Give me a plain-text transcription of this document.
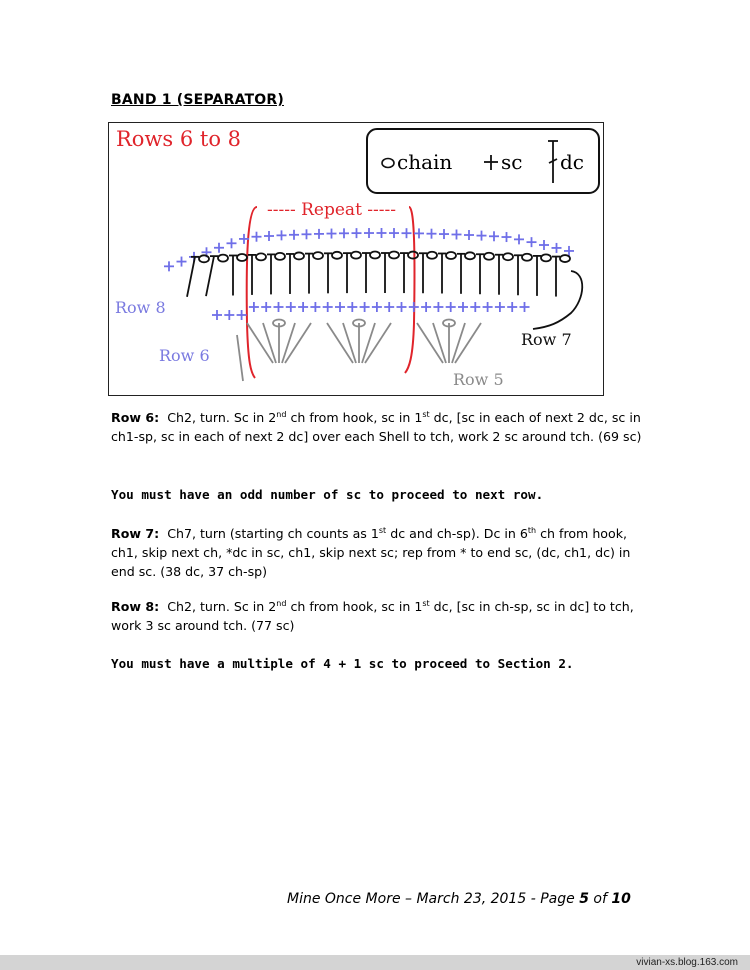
BAND 1 (SEPARATOR)
Rows 6 to 8
chain sc dc
----- Repeat -----
Row 8
Row 6
Row 7
Row 5
Row 6: Ch2, turn. Sc in 2nd ch from hook, sc in 1st dc, [sc in each of next 2 dc, sc in ch1-sp, sc in each of next 2 dc] over each Shell to tch, work 2 sc around tch. (69 sc)
You must have an odd number of sc to proceed to next row.
Row 7: Ch7, turn (starting ch counts as 1st dc and ch-sp). Dc in 6th ch from hook, ch1, skip next ch, *dc in sc, ch1, skip next sc; rep from * to end sc, (dc, ch1, dc) in end sc. (38 dc, 37 ch-sp)
Row 8: Ch2, turn. Sc in 2nd ch from hook, sc in 1st dc, [sc in ch-sp, sc in dc] to tch, work 3 sc around tch. (77 sc)
You must have a multiple of 4 + 1 sc to proceed to Section 2.
Mine Once More – March 23, 2015 - Page 5 of 10
vivian-xs.blog.163.com
